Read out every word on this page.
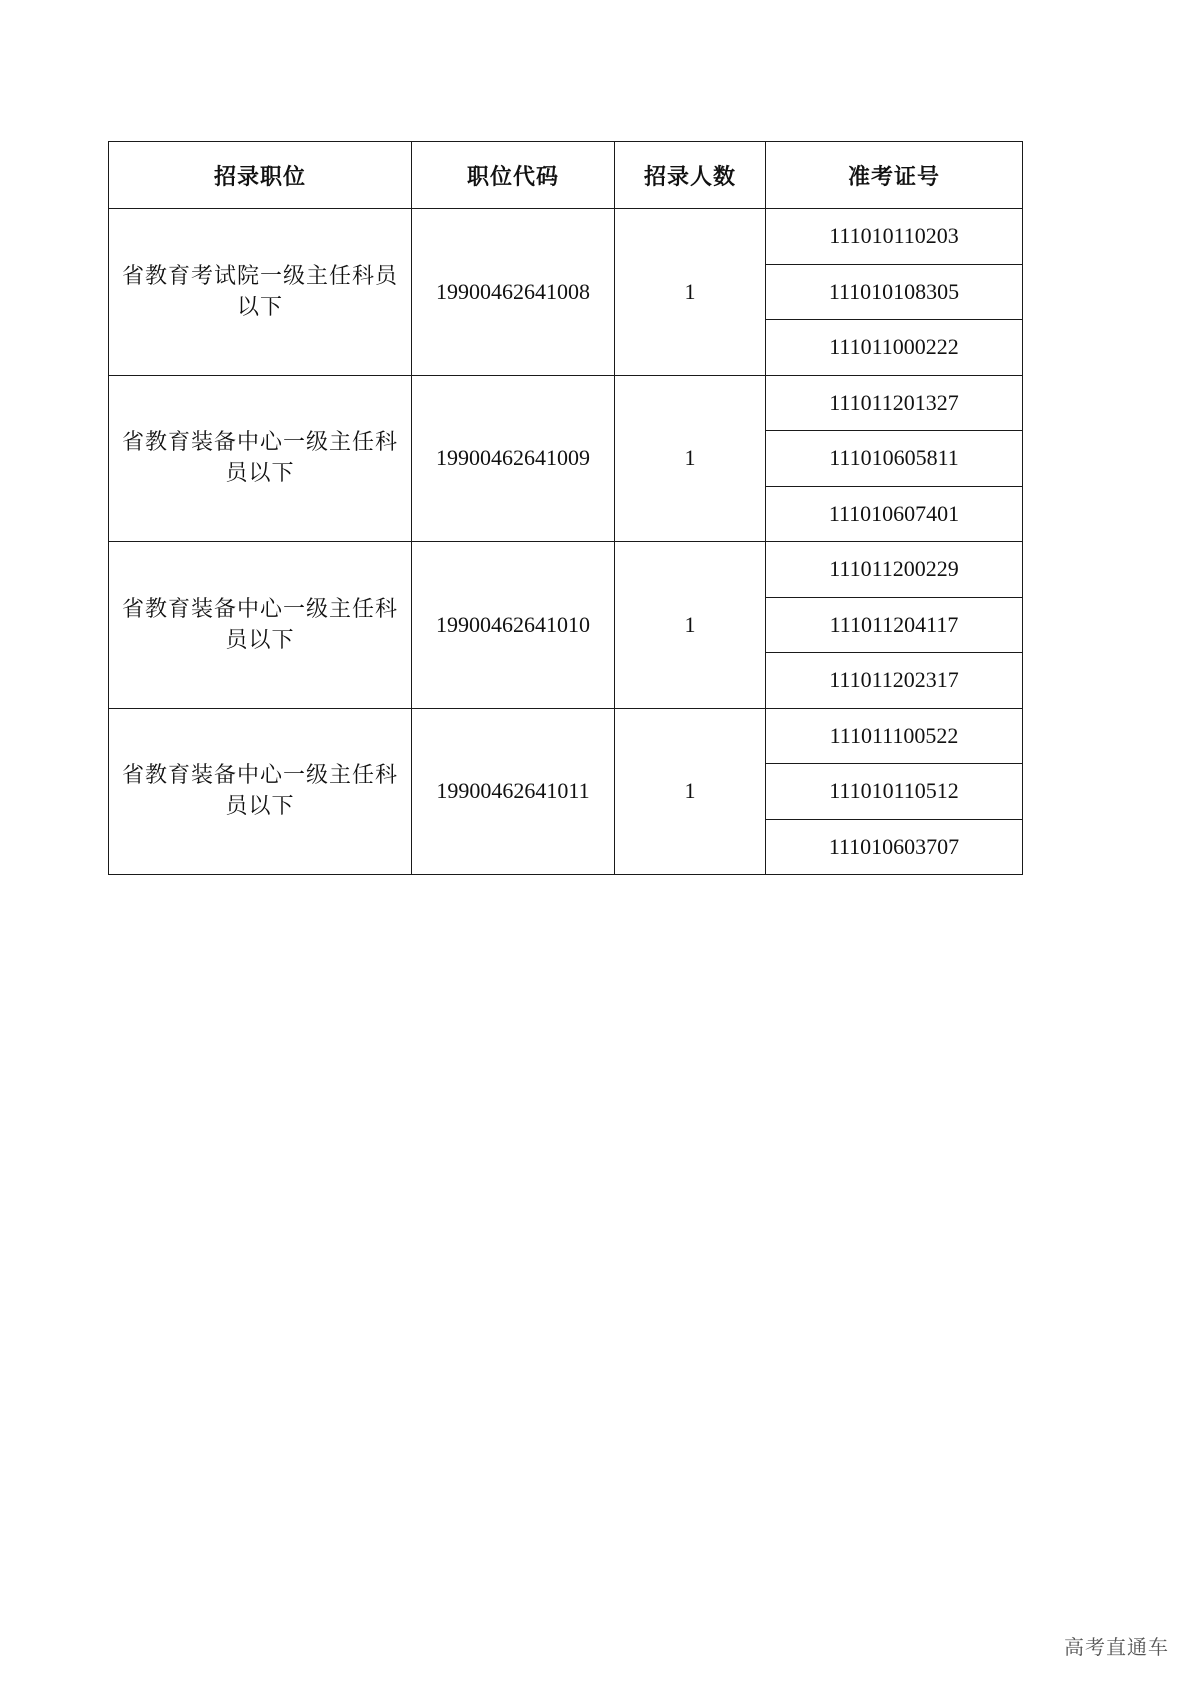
招录职位	职位代码	招录人数	准考证号
省教育考试院一级主任科员以下	19900462641008	1	111010110203
			111010108305
			111011000222
省教育装备中心一级主任科员以下	19900462641009	1	111011201327
			111010605811
			111010607401
省教育装备中心一级主任科员以下	19900462641010	1	111011200229
			111011204117
			111011202317
省教育装备中心一级主任科员以下	19900462641011	1	111011100522
			111010110512
			111010603707
高考直通车
